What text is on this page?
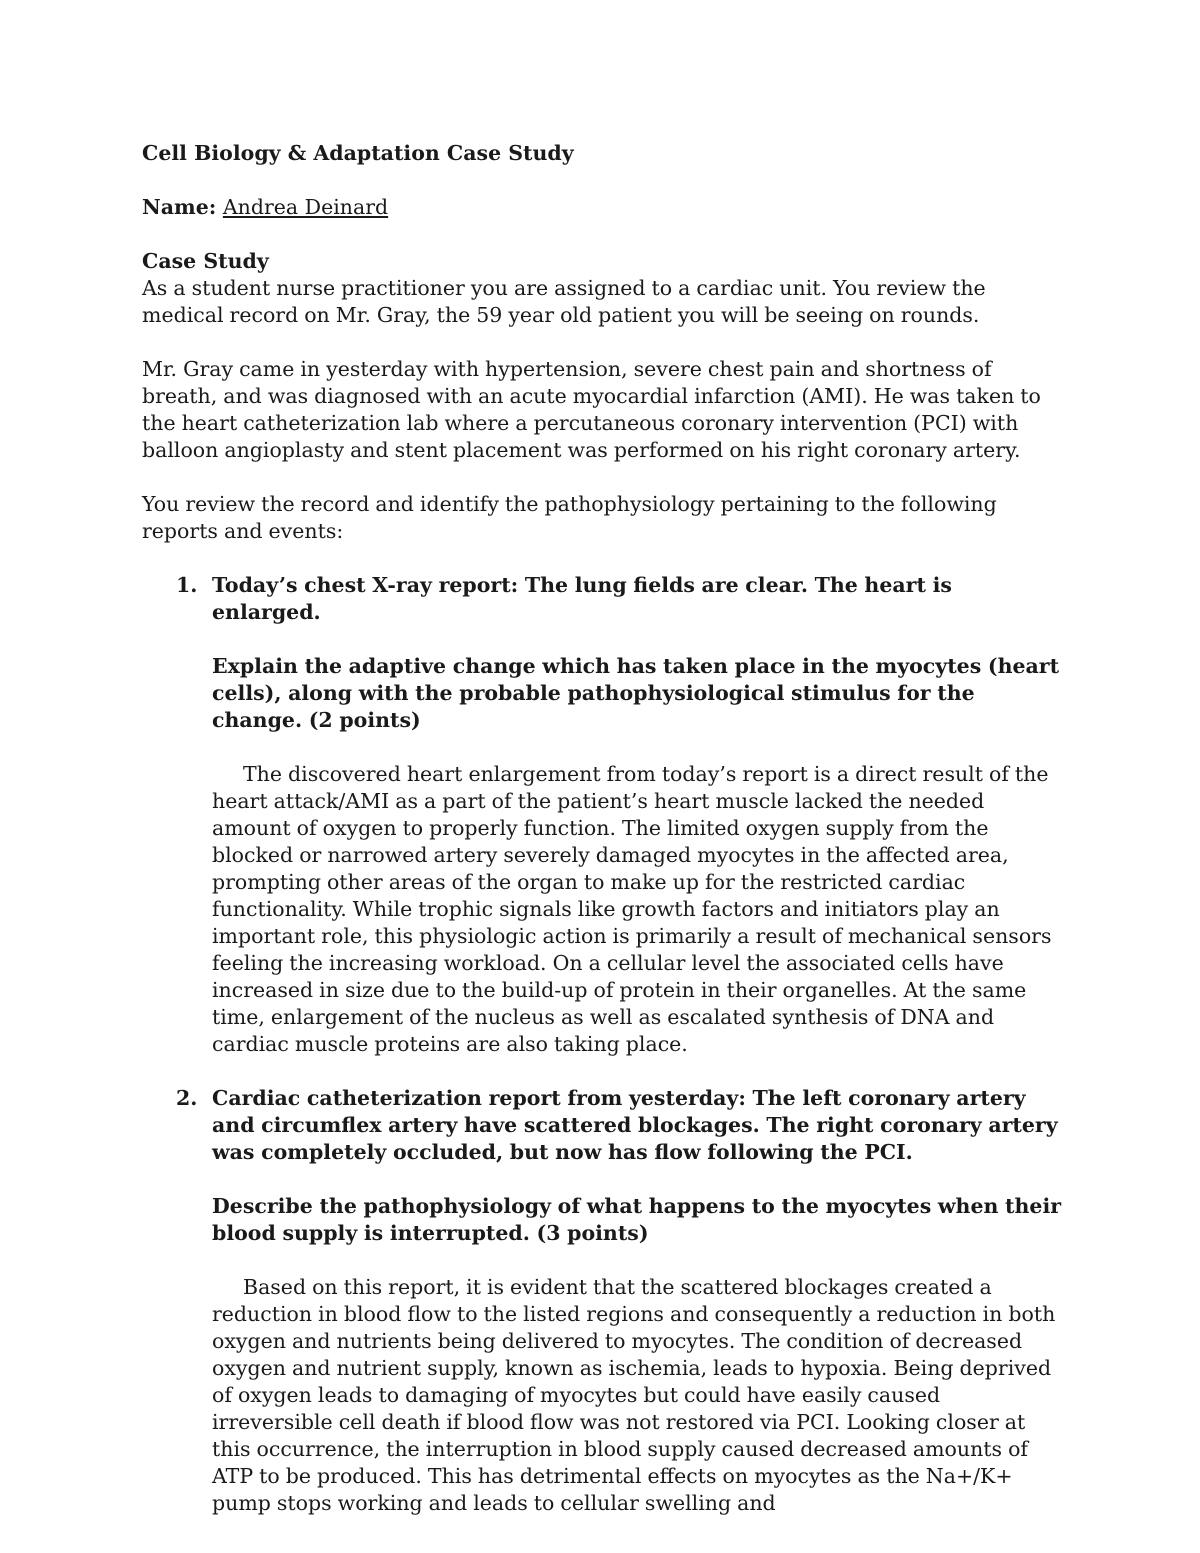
Cell Biology & Adaptation Case Study

Name: Andrea Deinard

Case Study

As a student nurse practitioner you are assigned to a cardiac unit. You review the medical record on Mr. Gray, the 59 year old patient you will be seeing on rounds.

Mr. Gray came in yesterday with hypertension, severe chest pain and shortness of breath, and was diagnosed with an acute myocardial infarction (AMI). He was taken to the heart catheterization lab where a percutaneous coronary intervention (PCI) with balloon angioplasty and stent placement was performed on his right coronary artery.

You review the record and identify the pathophysiology pertaining to the following reports and events:

1. Today’s chest X-ray report: The lung fields are clear. The heart is enlarged.

Explain the adaptive change which has taken place in the myocytes (heart cells), along with the probable pathophysiological stimulus for the change. (2 points)

The discovered heart enlargement from today’s report is a direct result of the heart attack/AMI as a part of the patient’s heart muscle lacked the needed amount of oxygen to properly function. The limited oxygen supply from the blocked or narrowed artery severely damaged myocytes in the affected area, prompting other areas of the organ to make up for the restricted cardiac functionality. While trophic signals like growth factors and initiators play an important role, this physiologic action is primarily a result of mechanical sensors feeling the increasing workload. On a cellular level the associated cells have increased in size due to the build-up of protein in their organelles. At the same time, enlargement of the nucleus as well as escalated synthesis of DNA and cardiac muscle proteins are also taking place.

2. Cardiac catheterization report from yesterday: The left coronary artery and circumflex artery have scattered blockages. The right coronary artery was completely occluded, but now has flow following the PCI.

Describe the pathophysiology of what happens to the myocytes when their blood supply is interrupted. (3 points)

Based on this report, it is evident that the scattered blockages created a reduction in blood flow to the listed regions and consequently a reduction in both oxygen and nutrients being delivered to myocytes. The condition of decreased oxygen and nutrient supply, known as ischemia, leads to hypoxia. Being deprived of oxygen leads to damaging of myocytes but could have easily caused irreversible cell death if blood flow was not restored via PCI. Looking closer at this occurrence, the interruption in blood supply caused decreased amounts of ATP to be produced. This has detrimental effects on myocytes as the Na+/K+ pump stops working and leads to cellular swelling and
